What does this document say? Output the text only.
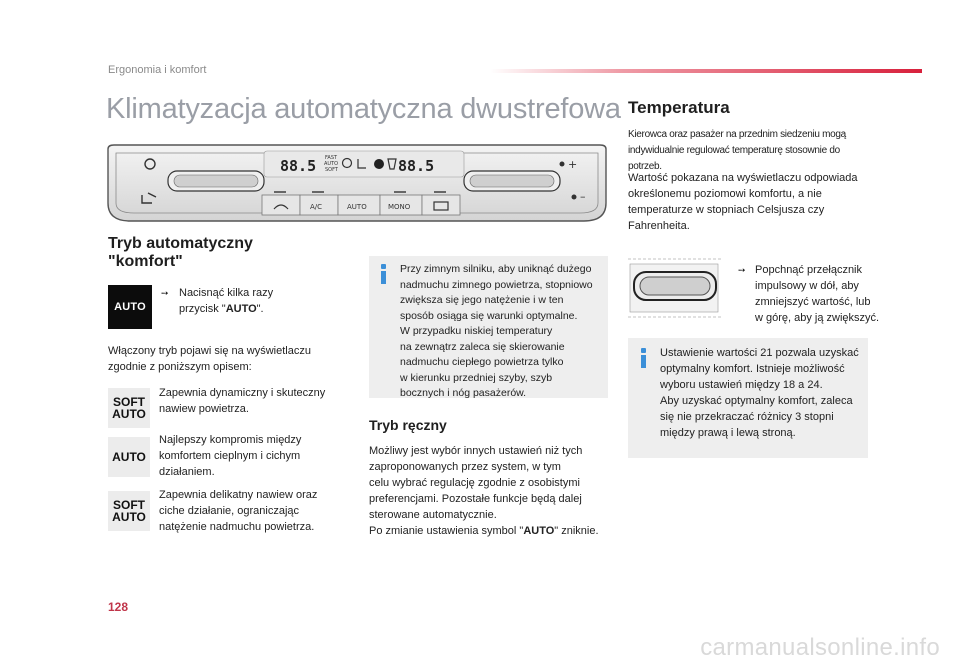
Ergonomia i komfort
Klimatyzacja automatyczna dwustrefowa
+
–
88.5	88.5
FAST
AUTO
SOFT
A/C	AUTO	MONO
Tryb automatyczny
"komfort"
AUTO
➙ Nacisnąć kilka razy
przycisk "AUTO".
Włączony tryb pojawi się na wyświetlaczu
zgodnie z poniższym opisem:
SOFT
AUTO
Zapewnia dynamiczny i skuteczny
nawiew powietrza.
AUTO
Najlepszy kompromis między
komfortem cieplnym i cichym
działaniem.
SOFT
AUTO
Zapewnia delikatny nawiew oraz
ciche działanie, ograniczając
natężenie nadmuchu powietrza.
Przy zimnym silniku, aby uniknąć dużego
nadmuchu zimnego powietrza, stopniowo
zwiększa się jego natężenie i w ten
sposób osiąga się warunki optymalne.
W przypadku niskiej temperatury
na zewnątrz zaleca się skierowanie
nadmuchu ciepłego powietrza tylko
w kierunku przedniej szyby, szyb
bocznych i nóg pasażerów.
Tryb ręczny
Możliwy jest wybór innych ustawień niż tych
zaproponowanych przez system, w tym
celu wybrać regulację zgodnie z osobistymi
preferencjami. Pozostałe funkcje będą dalej
sterowane automatycznie.
Po zmianie ustawienia symbol "AUTO" zniknie.
Temperatura
Kierowca oraz pasażer na przednim siedzeniu mogą
indywidualnie regulować temperaturę stosownie do
potrzeb.
Wartość pokazana na wyświetlaczu odpowiada
określonemu poziomowi komfortu, a nie
temperaturze w stopniach Celsjusza czy
Fahrenheita.
➙ Popchnąć przełącznik
impulsowy w dół, aby
zmniejszyć wartość, lub
w górę, aby ją zwiększyć.
Ustawienie wartości 21 pozwala uzyskać
optymalny komfort. Istnieje możliwość
wyboru ustawień między 18 a 24.
Aby uzyskać optymalny komfort, zaleca
się nie przekraczać różnicy 3 stopni
między prawą i lewą stroną.
128
carmanualsonline.info
